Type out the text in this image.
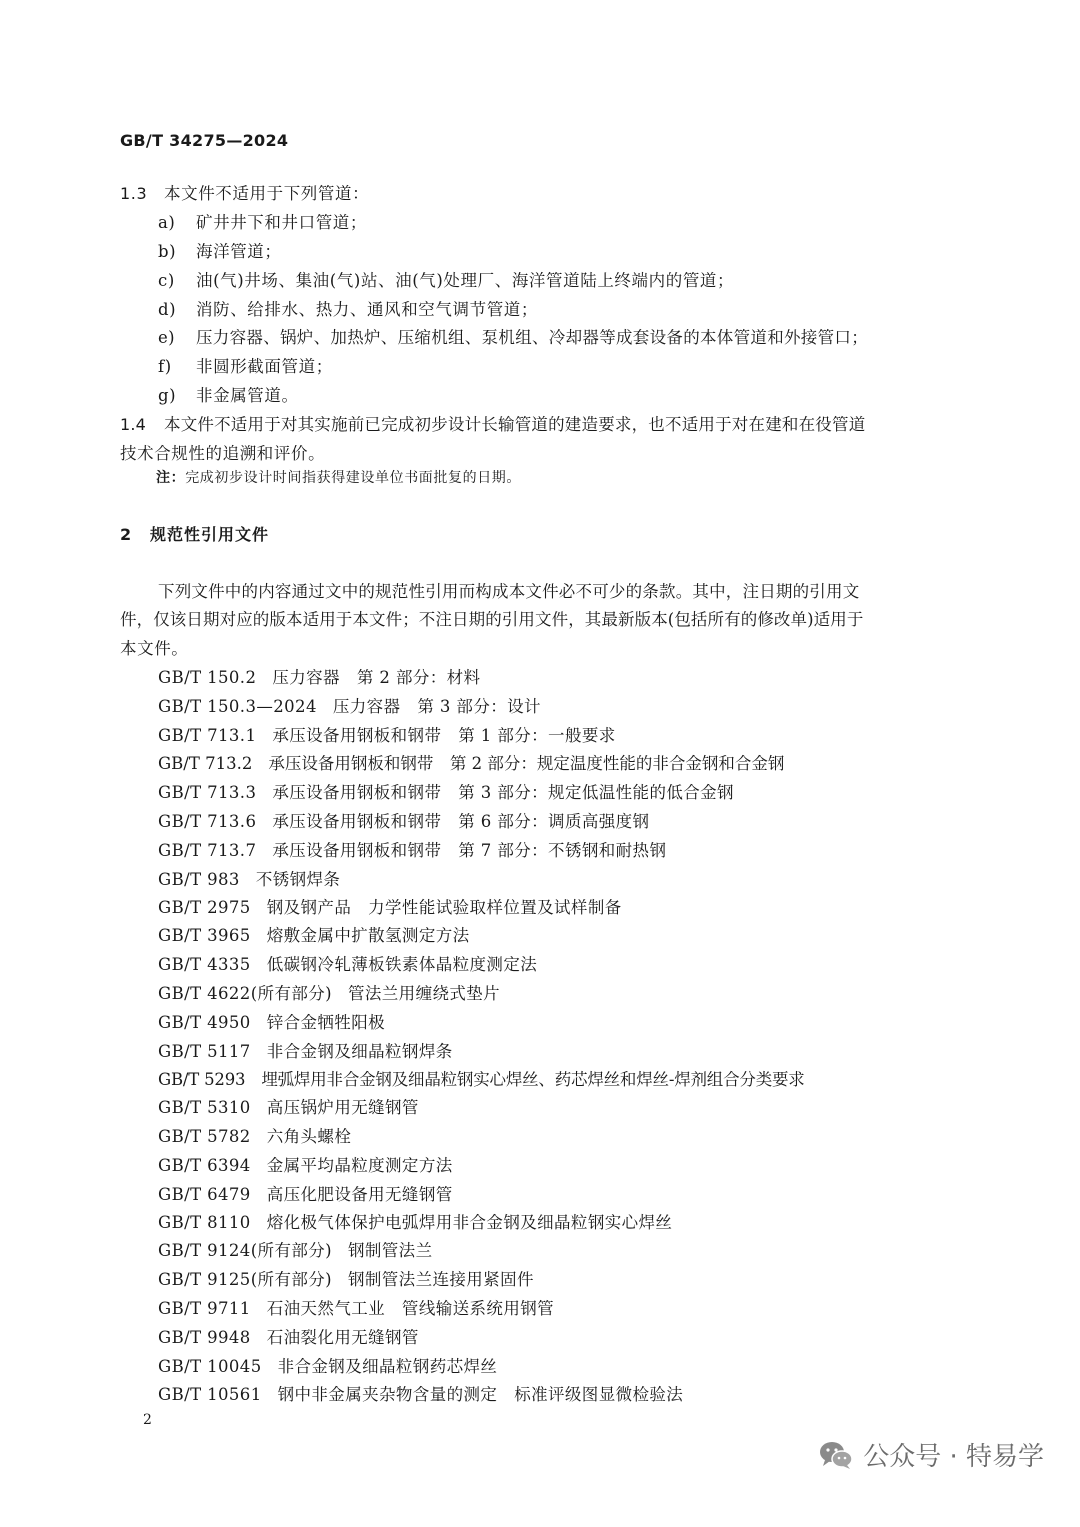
GB/T 34275—2024
1.3 本文件不适用于下列管道：
a) 矿井井下和井口管道；
b) 海洋管道；
c) 油(气)井场、集油(气)站、油(气)处理厂、海洋管道陆上终端内的管道；
d) 消防、给排水、热力、通风和空气调节管道；
e) 压力容器、锅炉、加热炉、压缩机组、泵机组、冷却器等成套设备的本体管道和外接管口；
f) 非圆形截面管道；
g) 非金属管道。
1.4 本文件不适用于对其实施前已完成初步设计长输管道的建造要求，也不适用于对在建和在役管道
技术合规性的追溯和评价。
注：完成初步设计时间指获得建设单位书面批复的日期。
2 规范性引用文件
下列文件中的内容通过文中的规范性引用而构成本文件必不可少的条款。其中，注日期的引用文
件，仅该日期对应的版本适用于本文件；不注日期的引用文件，其最新版本(包括所有的修改单)适用于
本文件。
GB/T 150.2 压力容器　第 2 部分：材料
GB/T 150.3—2024 压力容器　第 3 部分：设计
GB/T 713.1 承压设备用钢板和钢带　第 1 部分：一般要求
GB/T 713.2 承压设备用钢板和钢带　第 2 部分：规定温度性能的非合金钢和合金钢
GB/T 713.3 承压设备用钢板和钢带　第 3 部分：规定低温性能的低合金钢
GB/T 713.6 承压设备用钢板和钢带　第 6 部分：调质高强度钢
GB/T 713.7 承压设备用钢板和钢带　第 7 部分：不锈钢和耐热钢
GB/T 983 不锈钢焊条
GB/T 2975 钢及钢产品　力学性能试验取样位置及试样制备
GB/T 3965 熔敷金属中扩散氢测定方法
GB/T 4335 低碳钢冷轧薄板铁素体晶粒度测定法
GB/T 4622(所有部分) 管法兰用缠绕式垫片
GB/T 4950 锌合金牺牲阳极
GB/T 5117 非合金钢及细晶粒钢焊条
GB/T 5293 埋弧焊用非合金钢及细晶粒钢实心焊丝、药芯焊丝和焊丝-焊剂组合分类要求
GB/T 5310 高压锅炉用无缝钢管
GB/T 5782 六角头螺栓
GB/T 6394 金属平均晶粒度测定方法
GB/T 6479 高压化肥设备用无缝钢管
GB/T 8110 熔化极气体保护电弧焊用非合金钢及细晶粒钢实心焊丝
GB/T 9124(所有部分) 钢制管法兰
GB/T 9125(所有部分) 钢制管法兰连接用紧固件
GB/T 9711 石油天然气工业　管线输送系统用钢管
GB/T 9948 石油裂化用无缝钢管
GB/T 10045 非合金钢及细晶粒钢药芯焊丝
GB/T 10561 钢中非金属夹杂物含量的测定　标准评级图显微检验法
2
公众号 · 特易学
